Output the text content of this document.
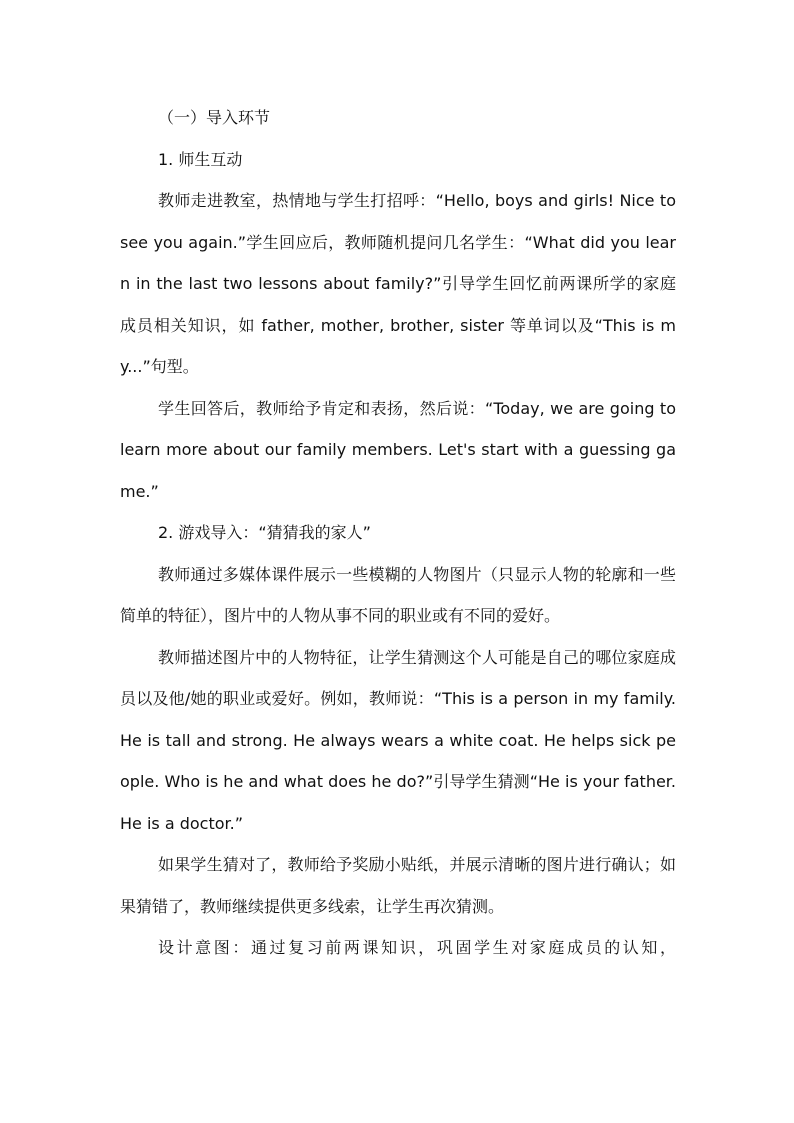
（一）导入环节

1. 师生互动

教师走进教室，热情地与学生打招呼：“Hello, boys and girls! Nice to see you again.”学生回应后，教师随机提问几名学生：“What did you learn in the last two lessons about family?”引导学生回忆前两课所学的家庭成员相关知识，如 father, mother, brother, sister 等单词以及“This is my...”句型。

学生回答后，教师给予肯定和表扬，然后说：“Today, we are going to learn more about our family members. Let's start with a guessing game.”

2. 游戏导入：“猜猜我的家人”

教师通过多媒体课件展示一些模糊的人物图片（只显示人物的轮廓和一些简单的特征），图片中的人物从事不同的职业或有不同的爱好。

教师描述图片中的人物特征，让学生猜测这个人可能是自己的哪位家庭成员以及他/她的职业或爱好。例如，教师说：“This is a person in my family. He is tall and strong. He always wears a white coat. He helps sick people. Who is he and what does he do?”引导学生猜测“He is your father. He is a doctor.”

如果学生猜对了，教师给予奖励小贴纸，并展示清晰的图片进行确认；如果猜错了，教师继续提供更多线索，让学生再次猜测。

设计意图：通过复习前两课知识，巩固学生对家庭成员的认知，
